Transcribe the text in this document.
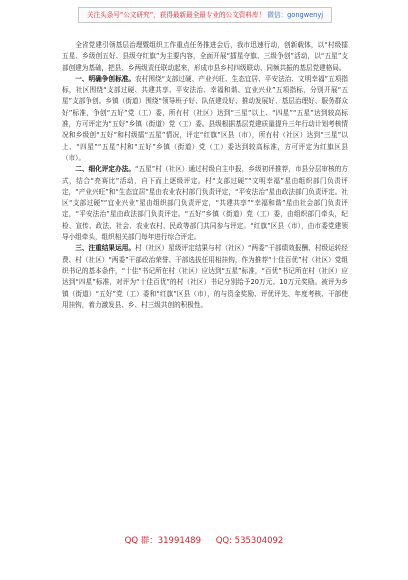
关注头条号“公文研究”，获得最新最全最专业的公文资料库！ 微信：gongwenyj

全省党建引领基层治理暨组织工作重点任务推进会后，我市迅速行动，创新载体，以“村级擂五星、乡级创五好、县级夺红旗”为主要内容，全面开展“擂星夺旗、三级争创”活动，以“五星”支部创建为基础，把县、乡两级责任联动起来，形成市县乡村四级联动、同频共振的基层党建格局。

一、明确争创标准。农村围绕“支部过硬、产业兴旺、生态宜居、平安法治、文明幸福”五项指标，社区围绕“支部过硬、共建共享、平安法治、幸福和谐、宜业兴业”五项指标，分别开展“五星”支部争创。乡镇（街道）围绕“领导班子好、队伍建设好、推动发展好、基层治理好、服务群众好”标准，争创“五好”党（工）委，所有村（社区）达到“三星”以上、“四星”“五星”达到较高标准，方可评定为“五好”乡镇（街道）党（工）委。县级根据基层党建质量提升三年行动计划考核情况和乡级创“五好”和村级擂“五星”情况，评定“红旗”区县（市），所有村（社区）达到“三星”以上、“四星”“五星”村和“五好”乡镇（街道）党（工）委达到较高标准，方可评定为红旗区县（市）。

二、细化评定办法。“五星”村（社区）通过村级自主申报，乡级初评推荐，市县分层审核的方式，结合“亮赛比”活动，自下而上逐级评定。村“支部过硬”“文明幸福”星由组织部门负责评定，“产业兴旺”和“生态宜居”星由农业农村部门负责评定，“平安法治”星由政法部门负责评定。社区“支部过硬”“宜业兴业”星由组织部门负责评定，“共建共享”“幸福和谐”星由社会部门负责评定，“平安法治”星由政法部门负责评定。“五好”乡镇（街道）党（工）委，由组织部门牵头，纪检、宣传、政法、社会、农业农村、民政等部门共同参与评定。“红旗”区县（市），由市委党建领导小组牵头，组织相关部门每年进行综合评定。

三、注重结果运用。村（社区）星级评定结果与村（社区）“两委”干部绩效报酬、村级运转经费、村（社区）“两委”干部政治荣誉、干部选拔任用相挂钩，作为推荐“十佳百优”村（社区）党组织书记的基本条件，“十佳”书记所在村（社区）应达到“五星”标准，“百优”书记所在村（社区）应达到“四星”标准，对评为“十佳百优”的村（社区）书记分别给予20万元、10万元奖励。被评为乡镇（街道）“五好”党（工）委和“红旗”区县（市），的与资金奖励、评优评先、年度考核、干部使用挂钩，着力激发县、乡、村三级共创的积极性。

QQ 群：31991489 QQ: 535304092
